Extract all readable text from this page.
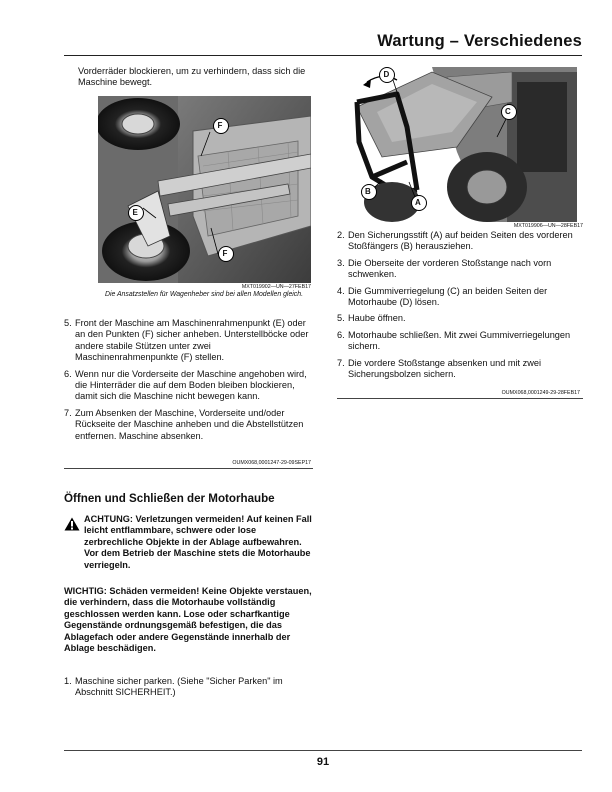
Wartung – Verschiedenes
Vorderräder blockieren, um zu verhindern, dass sich die Maschine bewegt.
F
E
F
MXT019902—UN—27FEB17
Die Ansatzstellen für Wagenheber sind bei allen Modellen gleich.
5. Front der Maschine am Maschinenrahmenpunkt (E) oder an den Punkten (F) sicher anheben. Unterstellböcke oder andere stabile Stützen unter zwei Maschinenrahmenpunkte (F) stellen.
6. Wenn nur die Vorderseite der Maschine angehoben wird, die Hinterräder die auf dem Boden bleiben blockieren, damit sich die Maschine nicht bewegen kann.
7. Zum Absenken der Maschine, Vorderseite und/oder Rückseite der Maschine anheben und die Abstellstützen entfernen. Maschine absenken.
OUMX068,0001247-29-09SEP17
Öffnen und Schließen der Motorhaube
ACHTUNG: Verletzungen vermeiden! Auf keinen Fall leicht entflammbare, schwere oder lose zerbrechliche Objekte in der Ablage aufbewahren. Vor dem Betrieb der Maschine stets die Motorhaube verriegeln.
WICHTIG: Schäden vermeiden! Keine Objekte verstauen, die verhindern, dass die Motorhaube vollständig geschlossen werden kann. Lose oder scharfkantige Gegenstände ordnungsgemäß befestigen, die das Ablagefach oder andere Gegenstände innerhalb der Ablage beschädigen.
1. Maschine sicher parken. (Siehe "Sicher Parken" im Abschnitt SICHERHEIT.)
D
C
B
A
MXT019906—UN—28FEB17
2. Den Sicherungsstift (A) auf beiden Seiten des vorderen Stoßfängers (B) herausziehen.
3. Die Oberseite der vorderen Stoßstange nach vorn schwenken.
4. Die Gummiverriegelung (C) an beiden Seiten der Motorhaube (D) lösen.
5. Haube öffnen.
6. Motorhaube schließen. Mit zwei Gummiverriegelungen sichern.
7. Die vordere Stoßstange absenken und mit zwei Sicherungsbolzen sichern.
OUMX068,0001249-29-28FEB17
91
